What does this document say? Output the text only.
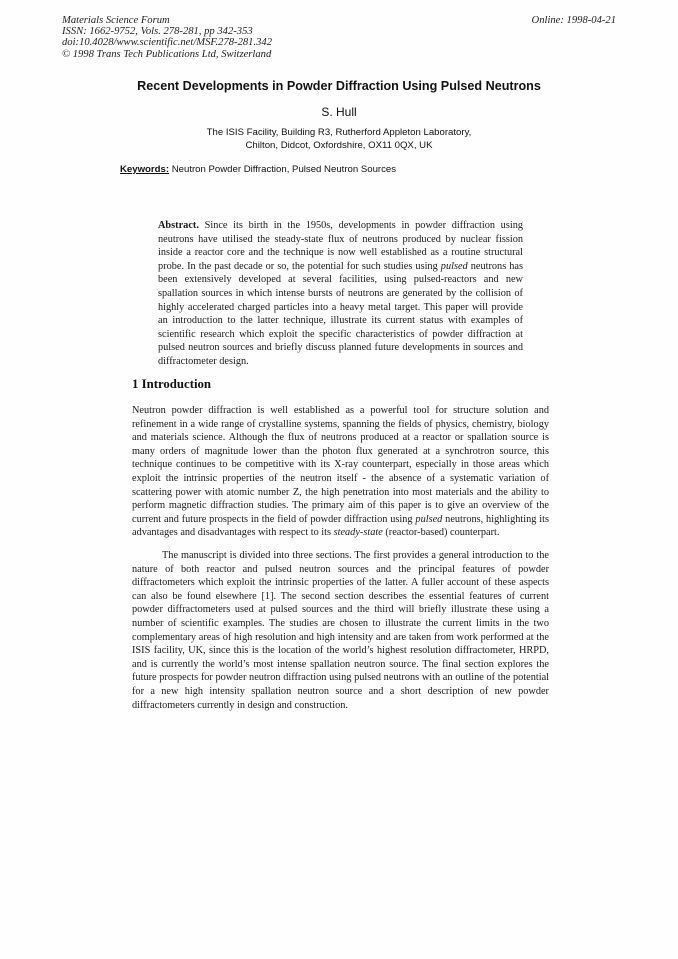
Materials Science Forum
ISSN: 1662-9752, Vols. 278-281, pp 342-353
doi:10.4028/www.scientific.net/MSF.278-281.342
© 1998 Trans Tech Publications Ltd, Switzerland
Online: 1998-04-21
Recent Developments in Powder Diffraction Using Pulsed Neutrons
S. Hull
The ISIS Facility, Building R3, Rutherford Appleton Laboratory,
Chilton, Didcot, Oxfordshire, OX11 0QX, UK
Keywords: Neutron Powder Diffraction, Pulsed Neutron Sources
Abstract. Since its birth in the 1950s, developments in powder diffraction using neutrons have utilised the steady-state flux of neutrons produced by nuclear fission inside a reactor core and the technique is now well established as a routine structural probe. In the past decade or so, the potential for such studies using pulsed neutrons has been extensively developed at several facilities, using pulsed-reactors and new spallation sources in which intense bursts of neutrons are generated by the collision of highly accelerated charged particles into a heavy metal target. This paper will provide an introduction to the latter technique, illustrate its current status with examples of scientific research which exploit the specific characteristics of powder diffraction at pulsed neutron sources and briefly discuss planned future developments in sources and diffractometer design.
1 Introduction
Neutron powder diffraction is well established as a powerful tool for structure solution and refinement in a wide range of crystalline systems, spanning the fields of physics, chemistry, biology and materials science. Although the flux of neutrons produced at a reactor or spallation source is many orders of magnitude lower than the photon flux generated at a synchrotron source, this technique continues to be competitive with its X-ray counterpart, especially in those areas which exploit the intrinsic properties of the neutron itself - the absence of a systematic variation of scattering power with atomic number Z, the high penetration into most materials and the ability to perform magnetic diffraction studies. The primary aim of this paper is to give an overview of the current and future prospects in the field of powder diffraction using pulsed neutrons, highlighting its advantages and disadvantages with respect to its steady-state (reactor-based) counterpart.
The manuscript is divided into three sections. The first provides a general introduction to the nature of both reactor and pulsed neutron sources and the principal features of powder diffractometers which exploit the intrinsic properties of the latter. A fuller account of these aspects can also be found elsewhere [1]. The second section describes the essential features of current powder diffractometers used at pulsed sources and the third will briefly illustrate these using a number of scientific examples. The studies are chosen to illustrate the current limits in the two complementary areas of high resolution and high intensity and are taken from work performed at the ISIS facility, UK, since this is the location of the world’s highest resolution diffractometer, HRPD, and is currently the world’s most intense spallation neutron source. The final section explores the future prospects for powder neutron diffraction using pulsed neutrons with an outline of the potential for a new high intensity spallation neutron source and a short description of new powder diffractometers currently in design and construction.
